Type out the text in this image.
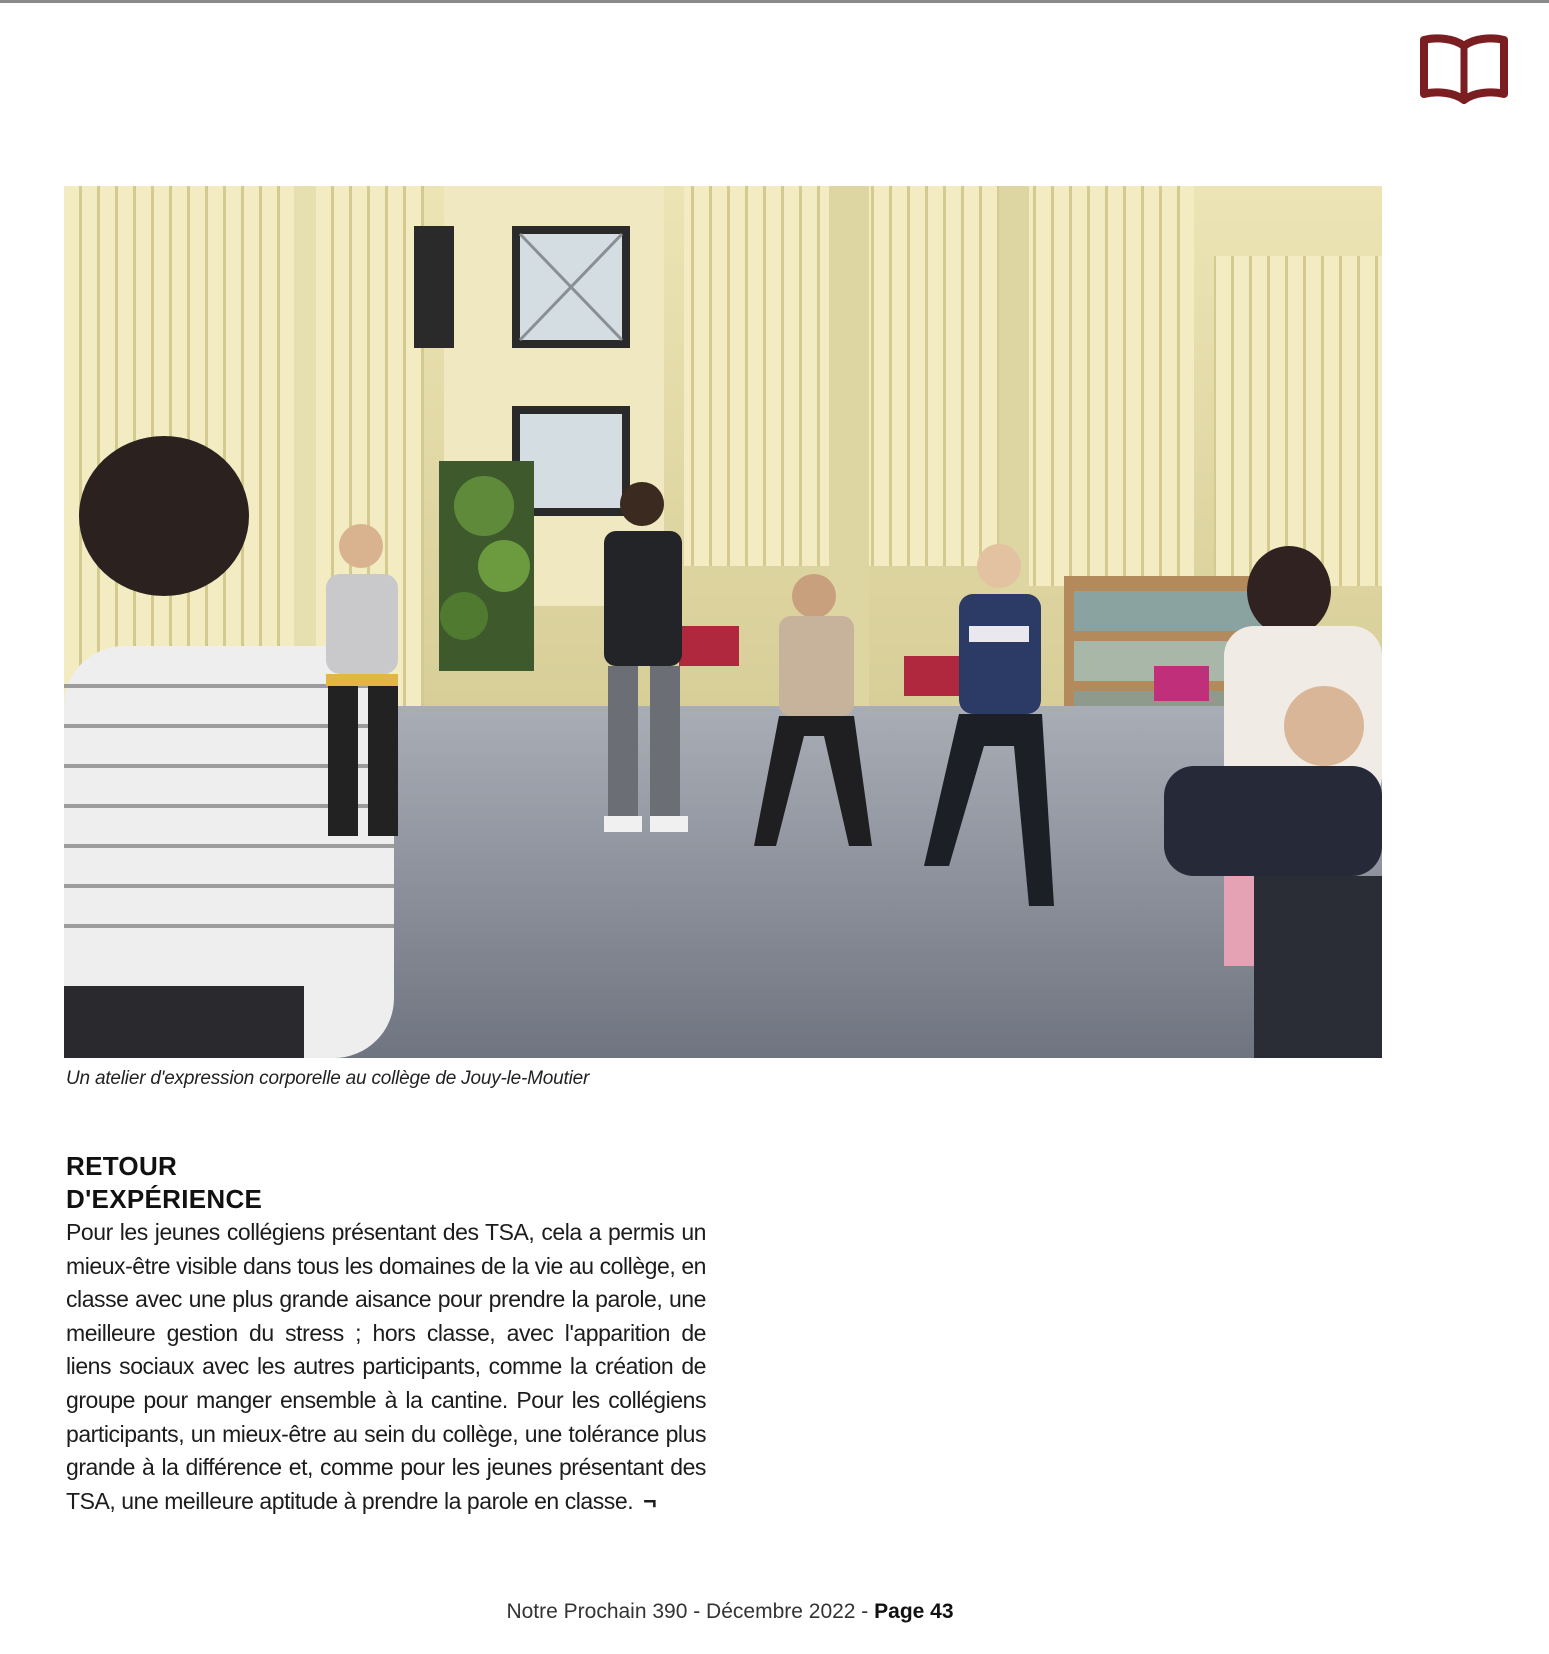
Un atelier d'expression corporelle au collège de Jouy-le-Moutier
RETOUR
D'EXPÉRIENCE

Pour les jeunes collégiens présentant des TSA, cela a permis un mieux-être visible dans tous les domaines de la vie au collège, en classe avec une plus grande aisance pour prendre la parole, une meilleure gestion du stress ; hors classe, avec l'apparition de liens sociaux avec les autres participants, comme la création de groupe pour manger ensemble à la cantine. Pour les collégiens participants, un mieux-être au sein du collège, une tolérance plus grande à la différence et, comme pour les jeunes présentant des TSA, une meilleure aptitude à prendre la parole en classe. ¬

Notre Prochain 390 - Décembre 2022 - Page 43
